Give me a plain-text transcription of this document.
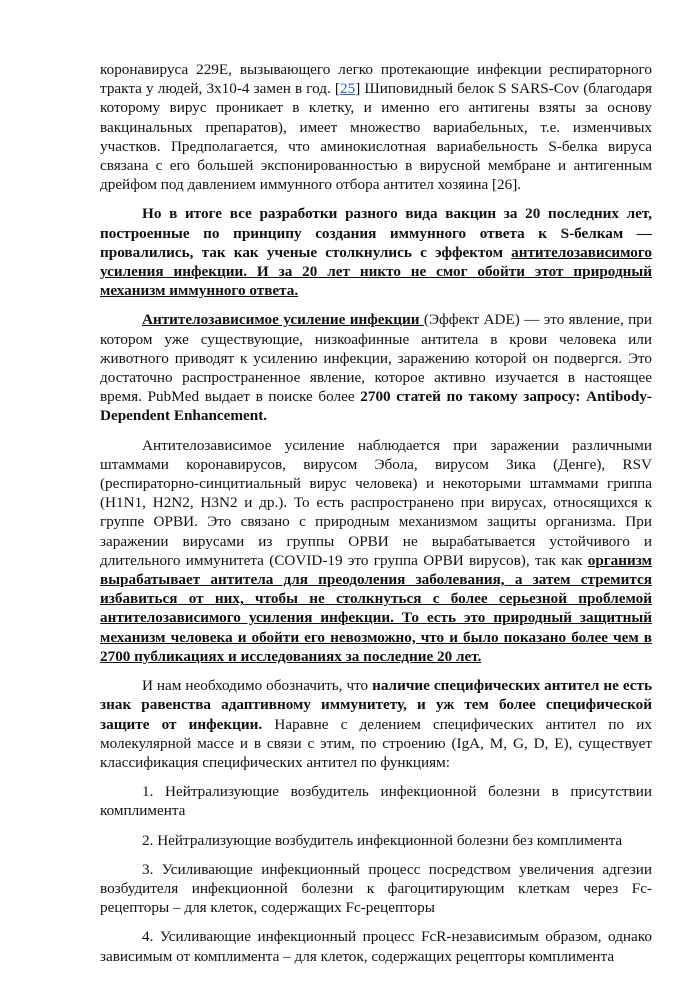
коронавируса 229E, вызывающего легко протекающие инфекции респираторного тракта у людей, 3x10-4 замен в год. [25] Шиповидный белок S SARS-Cov (благодаря которому вирус проникает в клетку, и именно его антигены взяты за основу вакцинальных препаратов), имеет множество вариабельных, т.е. изменчивых участков. Предполагается, что аминокислотная вариабельность S-белка вируса связана с его большей экспонированностью в вирусной мембране и антигенным дрейфом под давлением иммунного отбора антител хозяина [26].

Но в итоге все разработки разного вида вакцин за 20 последних лет, построенные по принципу создания иммунного ответа к S-белкам — провалились, так как ученые столкнулись с эффектом антителозависимого усиления инфекции. И за 20 лет никто не смог обойти этот природный механизм иммунного ответа.

Антителозависимое усиление инфекции (Эффект ADE) — это явление, при котором уже существующие, низкоафинные антитела в крови человека или животного приводят к усилению инфекции, заражению которой он подвергся. Это достаточно распространенное явление, которое активно изучается в настоящее время. PubMed выдает в поиске более 2700 статей по такому запросу: Antibody-Dependent Enhancement.

Антителозависимое усиление наблюдается при заражении различными штаммами коронавирусов, вирусом Эбола, вирусом Зика (Денге), RSV (респираторно-синцитиальный вирус человека) и некоторыми штаммами гриппа (H1N1, H2N2, H3N2 и др.). То есть распространено при вирусах, относящихся к группе ОРВИ. Это связано с природным механизмом защиты организма. При заражении вирусами из группы ОРВИ не вырабатывается устойчивого и длительного иммунитета (COVID-19 это группа ОРВИ вирусов), так как организм вырабатывает антитела для преодоления заболевания, а затем стремится избавиться от них, чтобы не столкнуться с более серьезной проблемой антителозависимого усиления инфекции. То есть это природный защитный механизм человека и обойти его невозможно, что и было показано более чем в 2700 публикациях и исследованиях за последние 20 лет.

И нам необходимо обозначить, что наличие специфических антител не есть знак равенства адаптивному иммунитету, и уж тем более специфической защите от инфекции. Наравне с делением специфических антител по их молекулярной массе и в связи с этим, по строению (IgA, M, G, D, E), существует классификация специфических антител по функциям:

1. Нейтрализующие возбудитель инфекционной болезни в присутствии комплимента

2. Нейтрализующие возбудитель инфекционной болезни без комплимента

3. Усиливающие инфекционный процесс посредством увеличения адгезии возбудителя инфекционной болезни к фагоцитирующим клеткам через Fc-рецепторы – для клеток, содержащих Fc-рецепторы

4. Усиливающие инфекционный процесс FcR-независимым образом, однако зависимым от комплимента – для клеток, содержащих рецепторы комплимента
